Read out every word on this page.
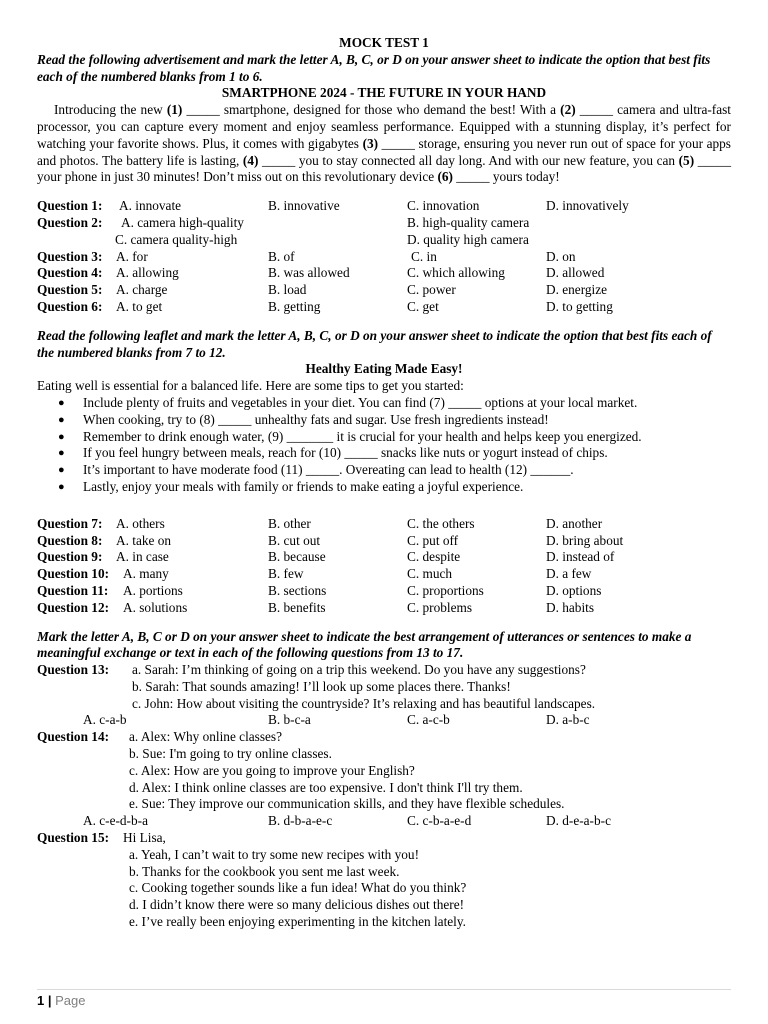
MOCK TEST 1
Read the following advertisement and mark the letter A, B, C, or D on your answer sheet to indicate the option that best fits each of the numbered blanks from 1 to 6.
SMARTPHONE 2024 - THE FUTURE IN YOUR HAND
Introducing the new (1) _____ smartphone, designed for those who demand the best! With a (2) _____ camera and ultra-fast processor, you can capture every moment and enjoy seamless performance. Equipped with a stunning display, it’s perfect for watching your favorite shows. Plus, it comes with gigabytes (3) _____ storage, ensuring you never run out of space for your apps and photos. The battery life is lasting, (4) _____ you to stay connected all day long. And with our new feature, you can (5) _____ your phone in just 30 minutes! Don’t miss out on this revolutionary device (6) _____ yours today!
Question 1: A. innovate	B. innovative	C. innovation	D. innovatively
Question 2: A. camera high-quality	B. high-quality camera
C. camera quality-high	D. quality high camera
Question 3: A. for	B. of	C. in	D. on
Question 4: A. allowing	B. was allowed	C. which allowing	D. allowed
Question 5: A. charge	B. load	C. power	D. energize
Question 6: A. to get	B. getting	C. get	D. to getting
Read the following leaflet and mark the letter A, B, C, or D on your answer sheet to indicate the option that best fits each of the numbered blanks from 7 to 12.
Healthy Eating Made Easy!
Eating well is essential for a balanced life. Here are some tips to get you started:
● Include plenty of fruits and vegetables in your diet. You can find (7) _____ options at your local market.
● When cooking, try to (8) _____ unhealthy fats and sugar. Use fresh ingredients instead!
● Remember to drink enough water, (9) _______ it is crucial for your health and helps keep you energized.
● If you feel hungry between meals, reach for (10) _____ snacks like nuts or yogurt instead of chips.
● It’s important to have moderate food (11) _____. Overeating can lead to health (12) ______.
● Lastly, enjoy your meals with family or friends to make eating a joyful experience.
Question 7: A. others	B. other	C. the others	D. another
Question 8: A. take on	B. cut out	C. put off	D. bring about
Question 9: A. in case	B. because	C. despite	D. instead of
Question 10: A. many	B. few	C. much	D. a few
Question 11: A. portions	B. sections	C. proportions	D. options
Question 12: A. solutions	B. benefits	C. problems	D. habits
Mark the letter A, B, C or D on your answer sheet to indicate the best arrangement of utterances or sentences to make a meaningful exchange or text in each of the following questions from 13 to 17.
Question 13: a. Sarah: I’m thinking of going on a trip this weekend. Do you have any suggestions?
b. Sarah: That sounds amazing! I’ll look up some places there. Thanks!
c. John: How about visiting the countryside? It’s relaxing and has beautiful landscapes.
A. c-a-b	B. b-c-a	C. a-c-b	D. a-b-c
Question 14: a. Alex: Why online classes?
b. Sue: I'm going to try online classes.
c. Alex: How are you going to improve your English?
d. Alex: I think online classes are too expensive. I don't think I'll try them.
e. Sue: They improve our communication skills, and they have flexible schedules.
A. c-e-d-b-a	B. d-b-a-e-c	C. c-b-a-e-d	D. d-e-a-b-c
Question 15: Hi Lisa,
a. Yeah, I can’t wait to try some new recipes with you!
b. Thanks for the cookbook you sent me last week.
c. Cooking together sounds like a fun idea! What do you think?
d. I didn’t know there were so many delicious dishes out there!
e. I’ve really been enjoying experimenting in the kitchen lately.
1 | Page
